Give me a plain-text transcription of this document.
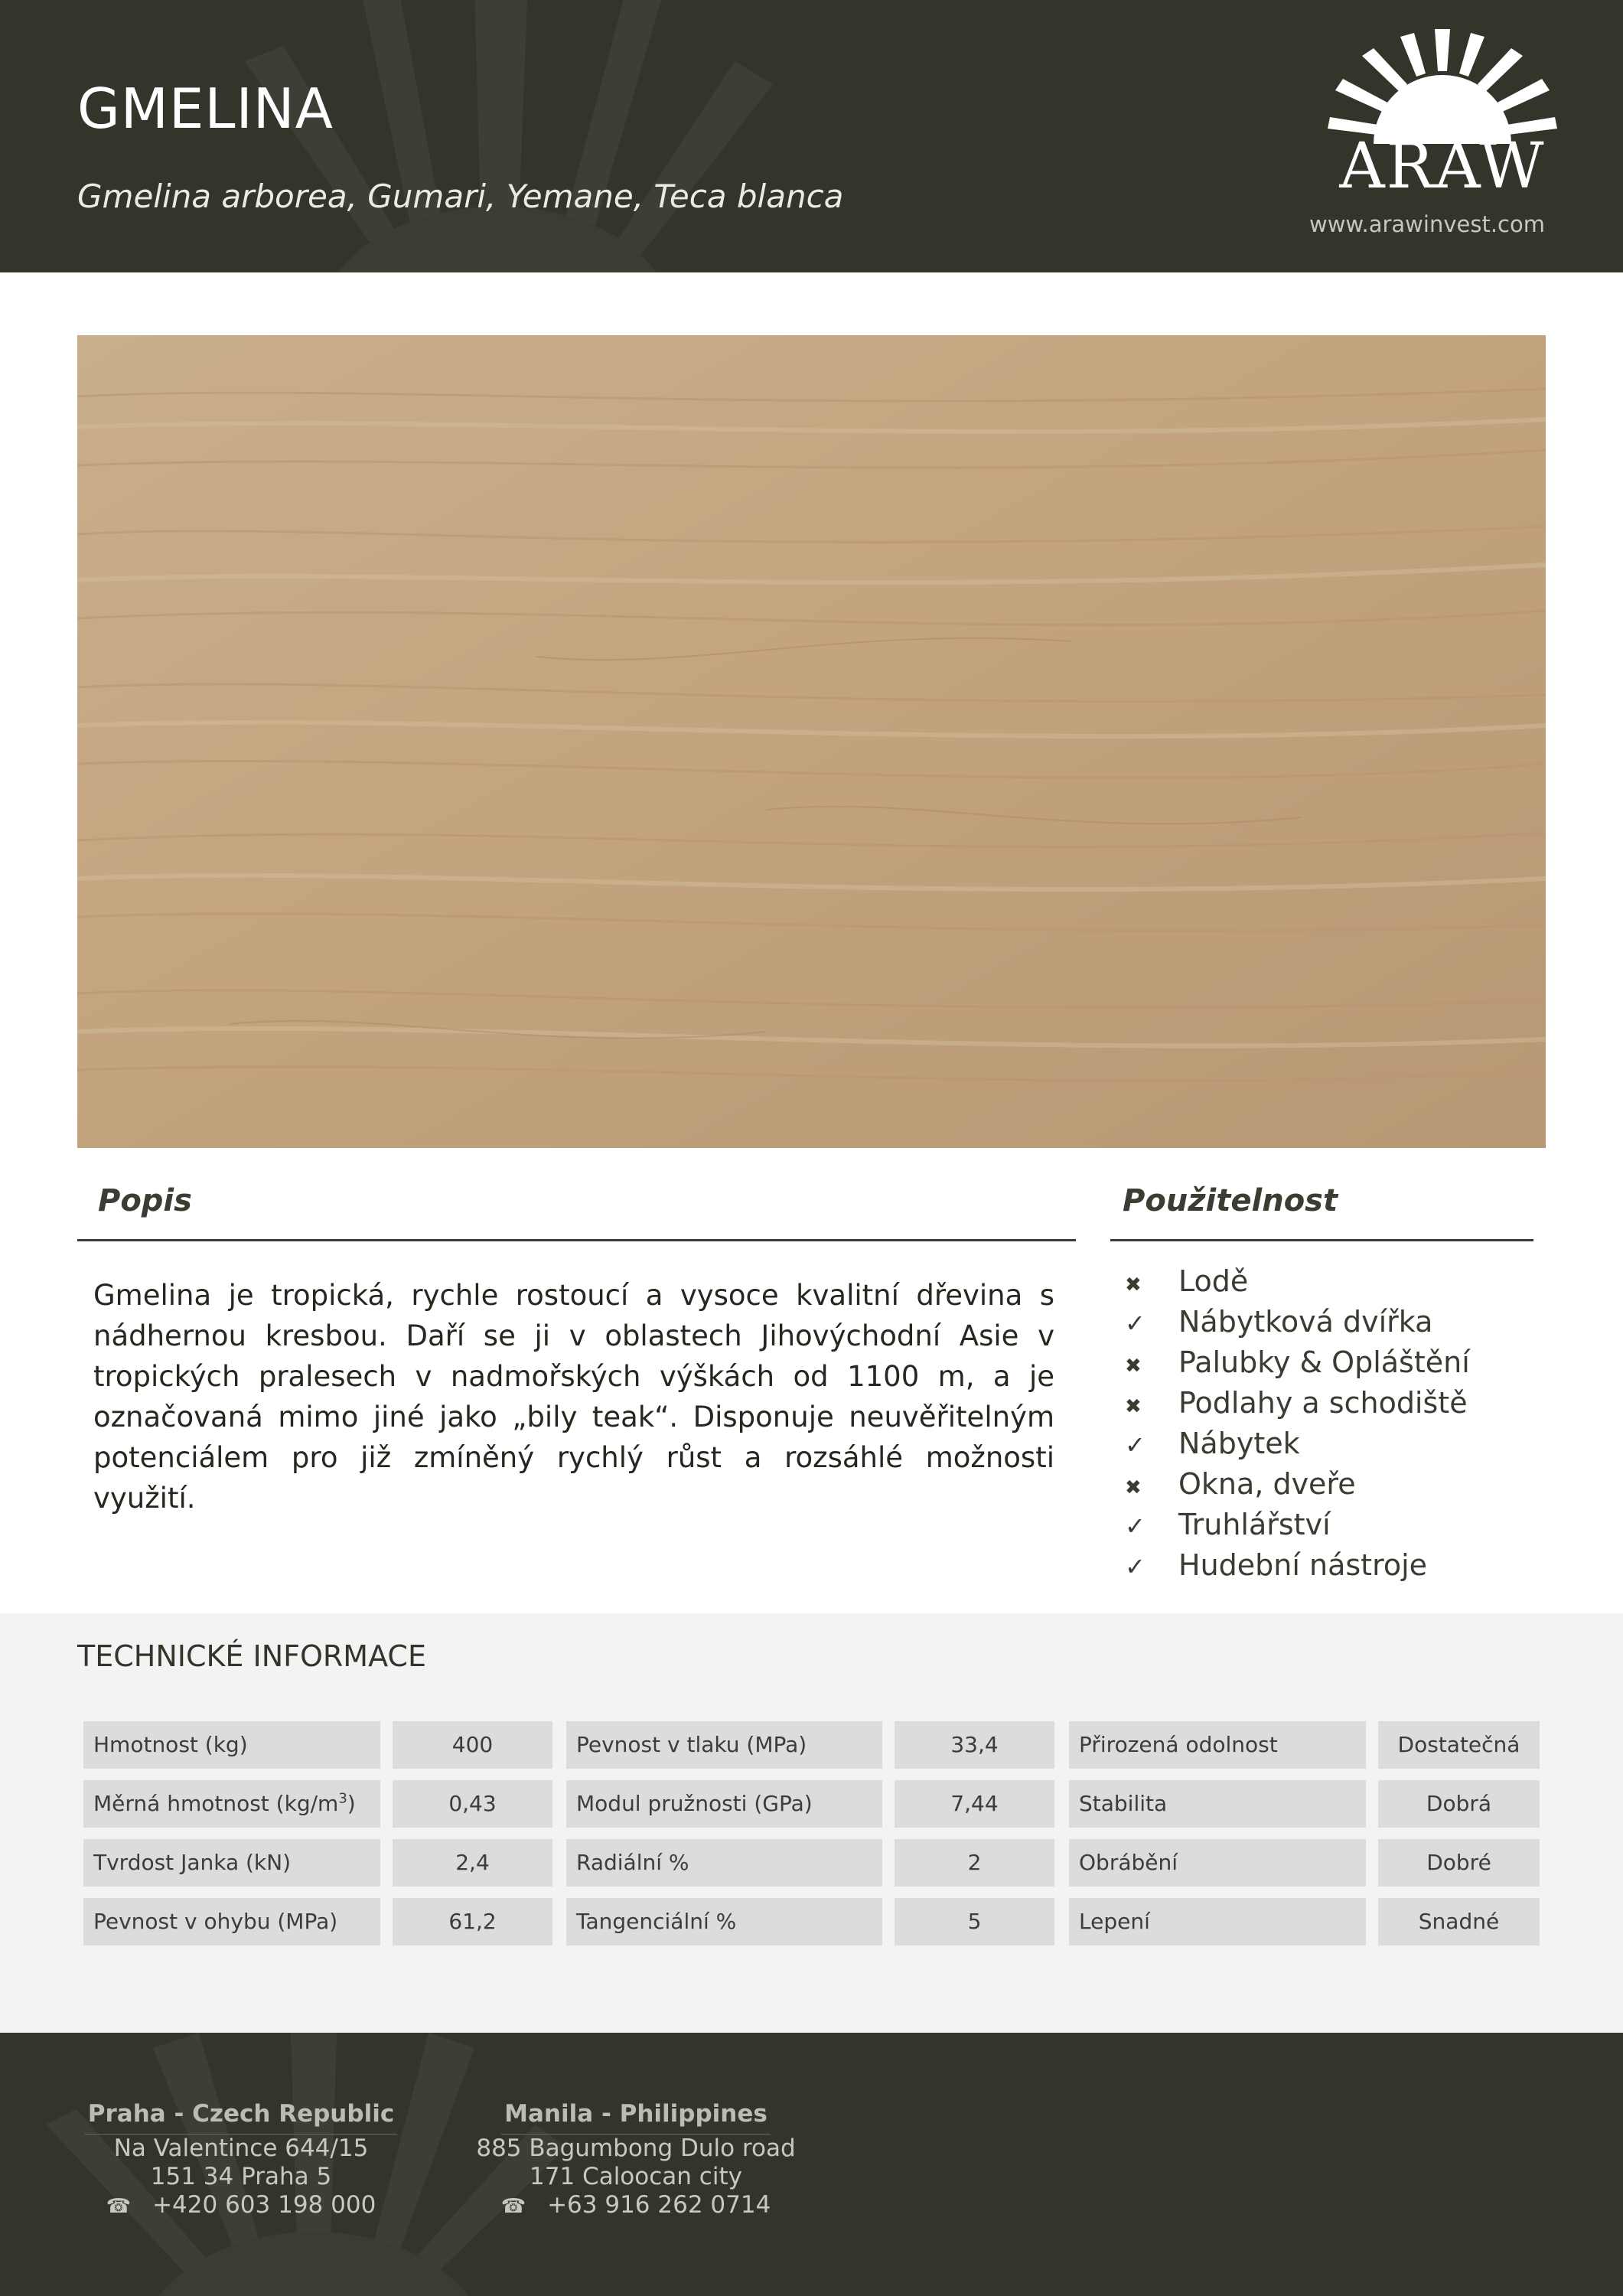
GMELINA
Gmelina arborea, Gumari, Yemane, Teca blanca	ARAW
www.arawinvest.com
Popis
Gmelina je tropická, rychle rostoucí a vysoce kvalitní dřevina s nádhernou kresbou. Daří se ji v oblastech Jihovýchodní Asie v tropických pralesech v nadmořských výškách od 1100 m, a je označovaná mimo jiné jako „bily teak“. Disponuje neuvěřitelným potenciálem pro již zmíněný rychlý růst a rozsáhlé možnosti využití.
Použitelnost
✖ Lodě
✓ Nábytková dvířka
✖ Palubky & Opláštění
✖ Podlahy a schodiště
✓ Nábytek
✖ Okna, dveře
✓ Truhlářství
✓ Hudební nástroje
TECHNICKÉ INFORMACE
Hmotnost (kg)	400	Pevnost v tlaku (MPa)	33,4	Přirozená odolnost	Dostatečná
Měrná hmotnost $(kg/m^3)$	0,43	Modul pružnosti (GPa)	7,44	Stabilita	Dobrá
Tvrdost Janka (kN)	2,4	Radiální %	2	Obrábění	Dobré
Pevnost v ohybu (MPa)	61,2	Tangenciální %	5	Lepení	Snadné
Praha - Czech Republic
Na Valentince 644/15
151 34 Praha 5
☎ +420 603 198 000
Manila - Philippines
885 Bagumbong Dulo road
171 Caloocan city
☎ +63 916 262 0714
